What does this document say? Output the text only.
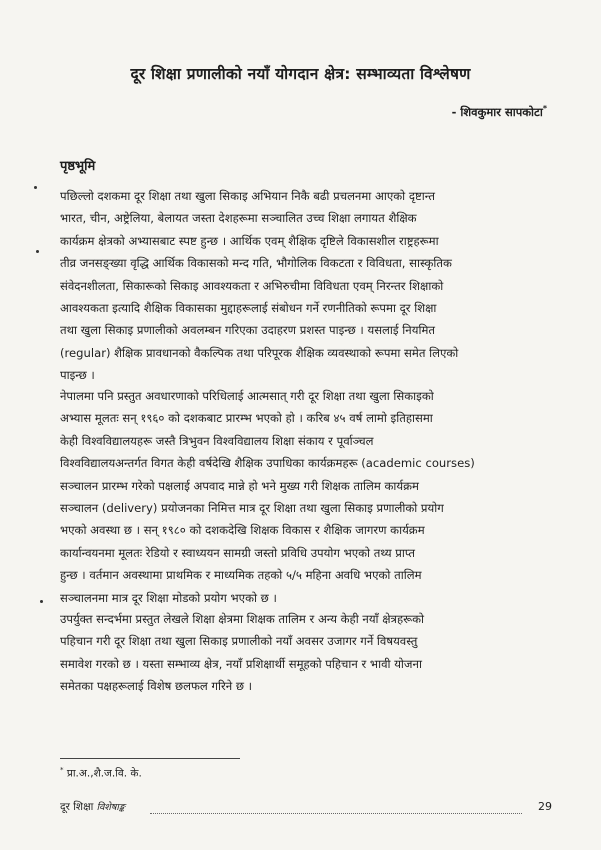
दूर शिक्षा प्रणालीको नयाँ योगदान क्षेत्र: सम्भाव्यता विश्लेषण
- शिवकुमार सापकोटा*
पृष्ठभूमि
पछिल्लो दशकमा दूर शिक्षा तथा खुला सिकाइ अभियान निकै बढी प्रचलनमा आएको दृष्टान्त
भारत, चीन, अष्ट्रेलिया, बेलायत जस्ता देशहरूमा सञ्चालित उच्च शिक्षा लगायत शैक्षिक
कार्यक्रम क्षेत्रको अभ्यासबाट स्पष्ट हुन्छ । आर्थिक एवम् शैक्षिक दृष्टिले विकासशील राष्ट्रहरूमा
तीव्र जनसङ्ख्या वृद्धि आर्थिक विकासको मन्द गति, भौगोलिक विकटता र विविधता, सास्कृतिक
संवेदनशीलता, सिकारूको सिकाइ आवश्यकता र अभिरुचीमा विविधता एवम् निरन्तर शिक्षाको
आवश्यकता इत्यादि शैक्षिक विकासका मुद्दाहरूलाई संबोधन गर्ने रणनीतिको रूपमा दूर शिक्षा
तथा खुला सिकाइ प्रणालीको अवलम्बन गरिएका उदाहरण प्रशस्त पाइन्छ । यसलाई नियमित
(regular) शैक्षिक प्रावधानको वैकल्पिक तथा परिपूरक शैक्षिक व्यवस्थाको रूपमा समेत लिएको
पाइन्छ ।
नेपालमा पनि प्रस्तुत अवधारणाको परिधिलाई आत्मसात् गरी दूर शिक्षा तथा खुला सिकाइको
अभ्यास मूलतः सन् १९६० को दशकबाट प्रारम्भ भएको हो । करिब ४५ वर्ष लामो इतिहासमा
केही विश्वविद्यालयहरू जस्तै त्रिभुवन विश्वविद्यालय शिक्षा संकाय र पूर्वाञ्चल
विश्वविद्यालयअन्तर्गत विगत केही वर्षदेखि शैक्षिक उपाधिका कार्यक्रमहरू (academic courses)
सञ्चालन प्रारम्भ गरेको पक्षलाई अपवाद मान्ने हो भने मुख्य गरी शिक्षक तालिम कार्यक्रम
सञ्चालन (delivery) प्रयोजनका निमित्त मात्र दूर शिक्षा तथा खुला सिकाइ प्रणालीको प्रयोग
भएको अवस्था छ । सन् १९८० को दशकदेखि शिक्षक विकास र शैक्षिक जागरण कार्यक्रम
कार्यान्वयनमा मूलतः रेडियो र स्वाध्ययन सामग्री जस्तो प्रविधि उपयोग भएको तथ्य प्राप्त
हुन्छ । वर्तमान अवस्थामा प्राथमिक र माध्यमिक तहको ५/५ महिना अवधि भएको तालिम
सञ्चालनमा मात्र दूर शिक्षा मोडको प्रयोग भएको छ ।
उपर्युक्त सन्दर्भमा प्रस्तुत लेखले शिक्षा क्षेत्रमा शिक्षक तालिम र अन्य केही नयाँ क्षेत्रहरूको
पहिचान गरी दूर शिक्षा तथा खुला सिकाइ प्रणालीको नयाँ अवसर उजागर गर्ने विषयवस्तु
समावेश गरको छ । यस्ता सम्भाव्य क्षेत्र, नयाँ प्रशिक्षार्थी समूहको पहिचान र भावी योजना
समेतका पक्षहरूलाई विशेष छलफल गरिने छ ।
* प्रा.अ.,शै.ज.वि. के.
दूर शिक्षा विशेषाङ्क	29
